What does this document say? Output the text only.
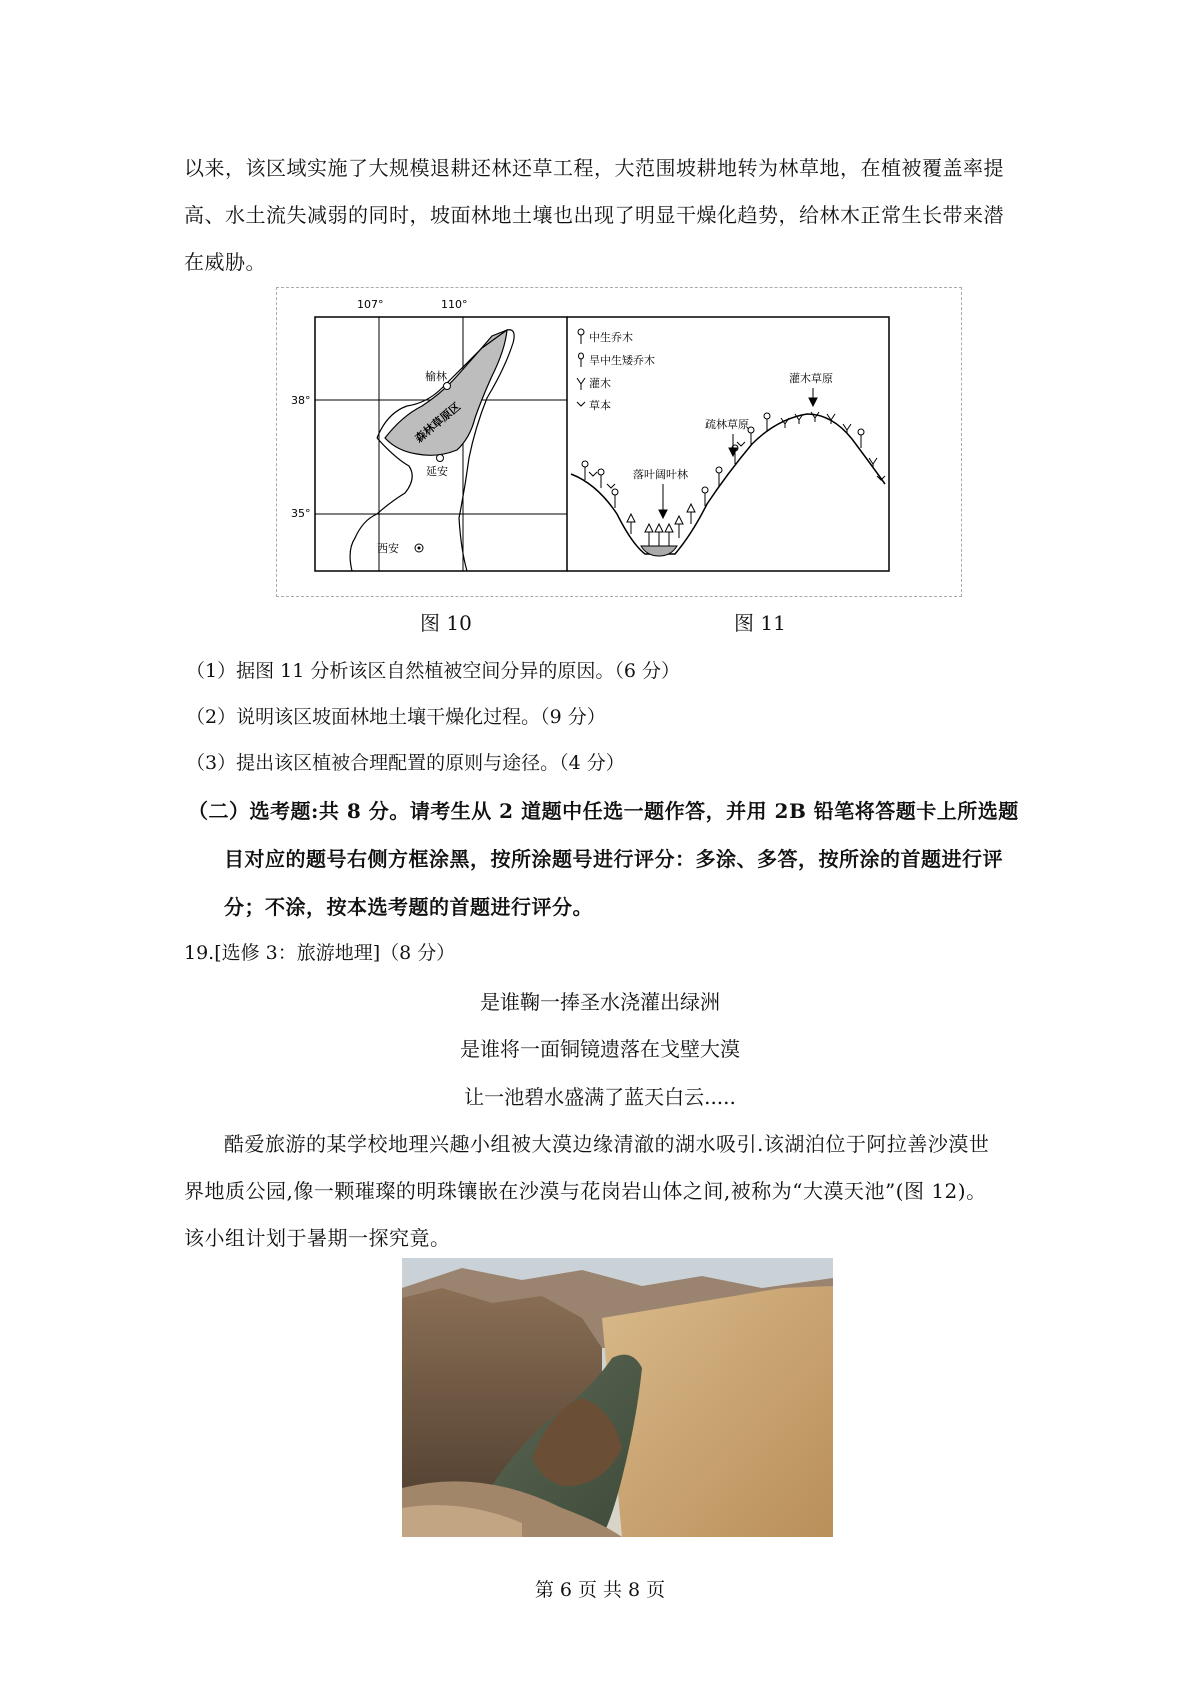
以来，该区域实施了大规模退耕还林还草工程，大范围坡耕地转为林草地，在植被覆盖率提
高、水土流失减弱的同时，坡面林地土壤也出现了明显干燥化趋势，给林木正常生长带来潜
在威胁。
107°	110°
38°
35°
榆林
延安
西安
森林草原区
中生乔木
旱中生矮乔木
灌木
草本
落叶阔叶林
疏林草原
灌木草原
图 10	图 11
（1）据图 11 分析该区自然植被空间分异的原因。（6 分）
（2）说明该区坡面林地土壤干燥化过程。（9 分）
（3）提出该区植被合理配置的原则与途径。（4 分）
（二）选考题:共 8 分。请考生从 2 道题中任选一题作答，并用 2B 铅笔将答题卡上所选题
目对应的题号右侧方框涂黑，按所涂题号进行评分：多涂、多答，按所涂的首题进行评
分；不涂，按本选考题的首题进行评分。
19.[选修 3：旅游地理]（8 分）
是谁鞠一捧圣水浇灌出绿洲
是谁将一面铜镜遗落在戈壁大漠
让一池碧水盛满了蓝天白云.....
酷爱旅游的某学校地理兴趣小组被大漠边缘清澈的湖水吸引.该湖泊位于阿拉善沙漠世
界地质公园,像一颗璀璨的明珠镶嵌在沙漠与花岗岩山体之间,被称为“大漠天池”(图 12)。
该小组计划于暑期一探究竟。
第 6 页 共 8 页
